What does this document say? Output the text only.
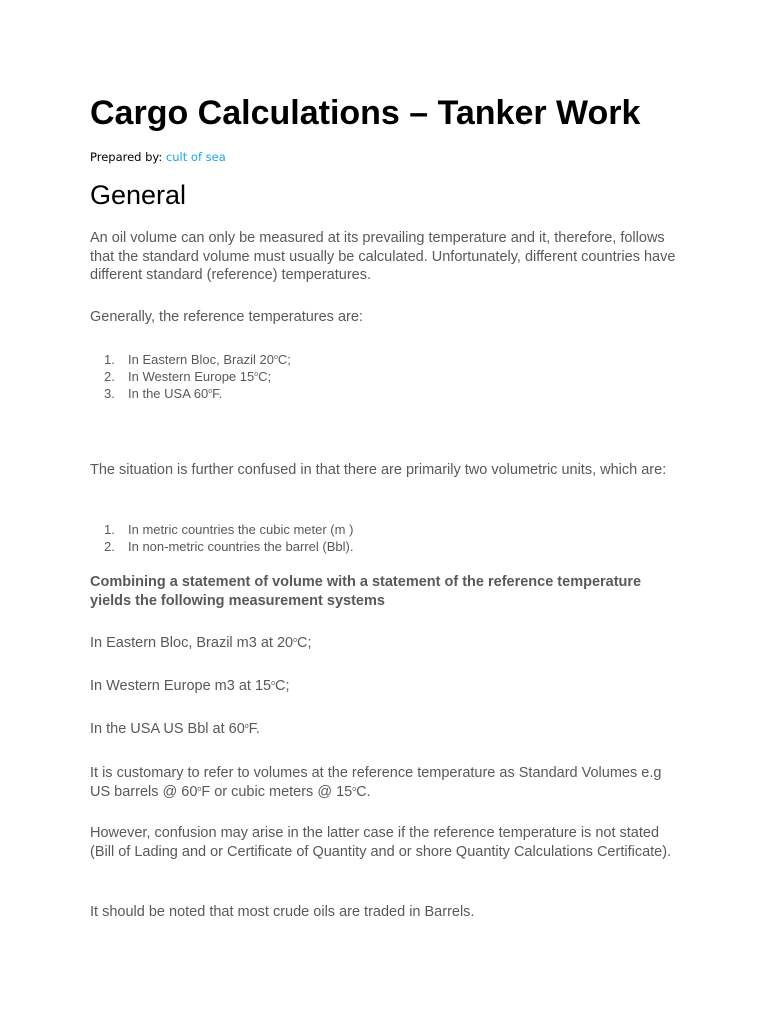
Cargo Calculations – Tanker Work
Prepared by: cult of sea
General

An oil volume can only be measured at its prevailing temperature and it, therefore, follows that the standard volume must usually be calculated. Unfortunately, different countries have different standard (reference) temperatures.

Generally, the reference temperatures are:

1. In Eastern Bloc, Brazil 20$^o$C;
2. In Western Europe 15$^o$C;
3. In the USA 60$^o$F.

The situation is further confused in that there are primarily two volumetric units, which are:

1. In metric countries the cubic meter (m )
2. In non-metric countries the barrel (Bbl).

Combining a statement of volume with a statement of the reference temperature yields the following measurement systems

In Eastern Bloc, Brazil m3 at 20$^o$C;

In Western Europe m3 at 15$^o$C;

In the USA US Bbl at 60$^o$F.

It is customary to refer to volumes at the reference temperature as Standard Volumes e.g US barrels @ 60$^o$F or cubic meters @ 15$^o$C.

However, confusion may arise in the latter case if the reference temperature is not stated (Bill of Lading and or Certificate of Quantity and or shore Quantity Calculations Certificate).

It should be noted that most crude oils are traded in Barrels.
